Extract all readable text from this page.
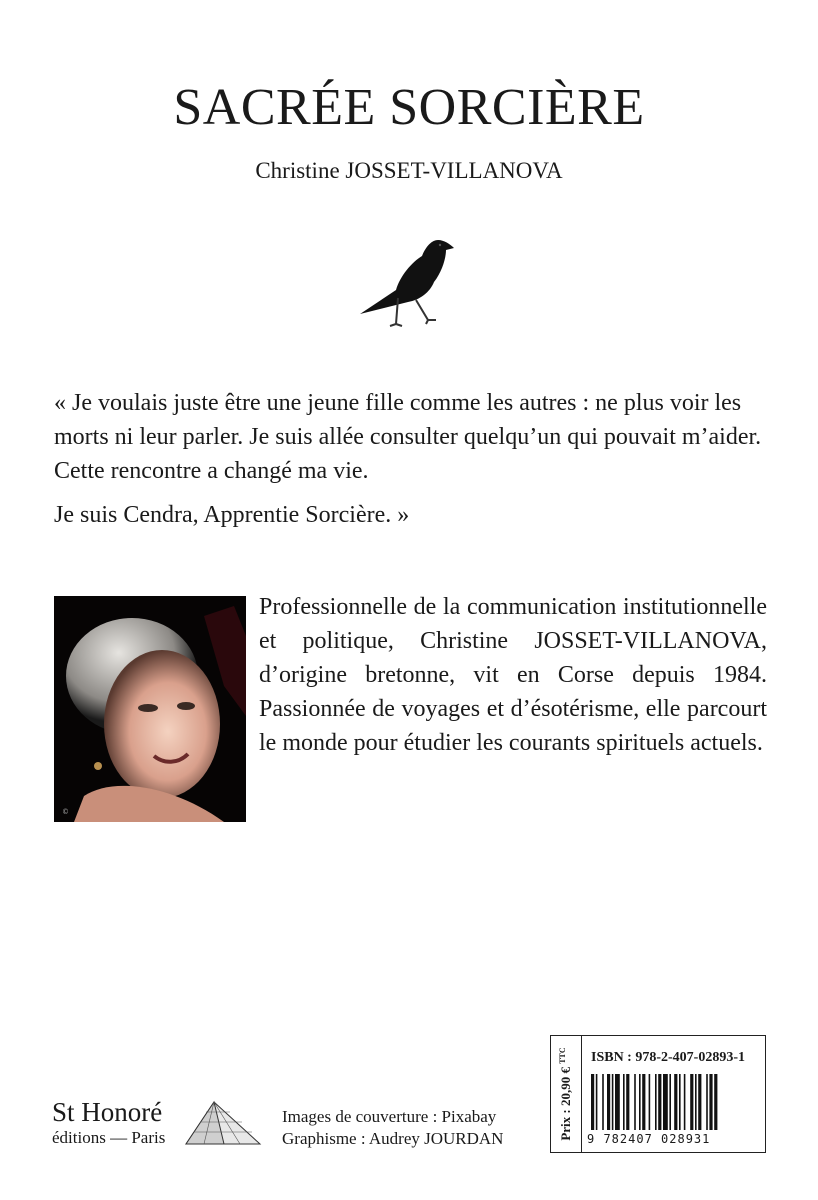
SACRÉE SORCIÈRE

Christine JOSSET-VILLANOVA

« Je voulais juste être une jeune fille comme les autres : ne plus voir les morts ni leur parler. Je suis allée consulter quelqu’un qui pouvait m’aider. Cette rencontre a changé ma vie.

Je suis Cendra, Apprentie Sorcière. »

©

Professionnelle de la communication institutionnelle et politique, Christine JOSSET-VILLANOVA, d’origine bretonne, vit en Corse depuis 1984. Passionnée de voyages et d’ésotérisme, elle parcourt le monde pour étudier les courants spirituels actuels.

St Honoré
éditions — Paris
Images de couverture : Pixabay
Graphisme : Audrey JOURDAN	Prix : 20,90 € $^{TTC}$	ISBN : 978-2-407-02893-1
9 782407 028931
